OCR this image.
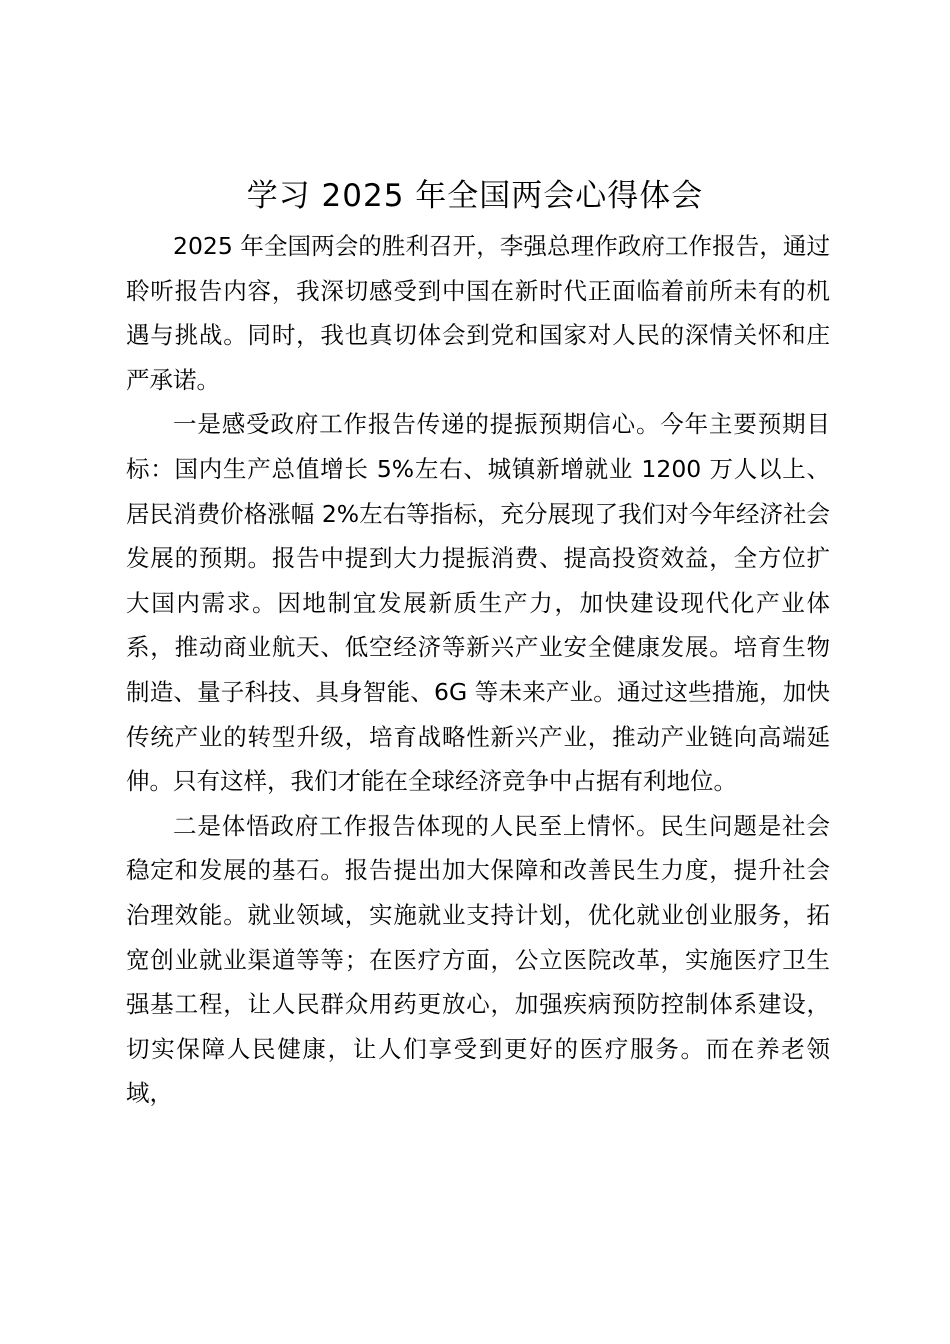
学习 2025 年全国两会心得体会

2025 年全国两会的胜利召开，李强总理作政府工作报告，通过聆听报告内容，我深切感受到中国在新时代正面临着前所未有的机遇与挑战。同时，我也真切体会到党和国家对人民的深情关怀和庄严承诺。

一是感受政府工作报告传递的提振预期信心。今年主要预期目标：国内生产总值增长 5%左右、城镇新增就业 1200 万人以上、居民消费价格涨幅 2%左右等指标，充分展现了我们对今年经济社会发展的预期。报告中提到大力提振消费、提高投资效益，全方位扩大国内需求。因地制宜发展新质生产力，加快建设现代化产业体系，推动商业航天、低空经济等新兴产业安全健康发展。培育生物制造、量子科技、具身智能、6G 等未来产业。通过这些措施，加快传统产业的转型升级，培育战略性新兴产业，推动产业链向高端延伸。只有这样，我们才能在全球经济竞争中占据有利地位。

二是体悟政府工作报告体现的人民至上情怀。民生问题是社会稳定和发展的基石。报告提出加大保障和改善民生力度，提升社会治理效能。就业领域，实施就业支持计划，优化就业创业服务，拓宽创业就业渠道等等；在医疗方面，公立医院改革，实施医疗卫生强基工程，让人民群众用药更放心，加强疾病预防控制体系建设，切实保障人民健康，让人们享受到更好的医疗服务。而在养老领域，
